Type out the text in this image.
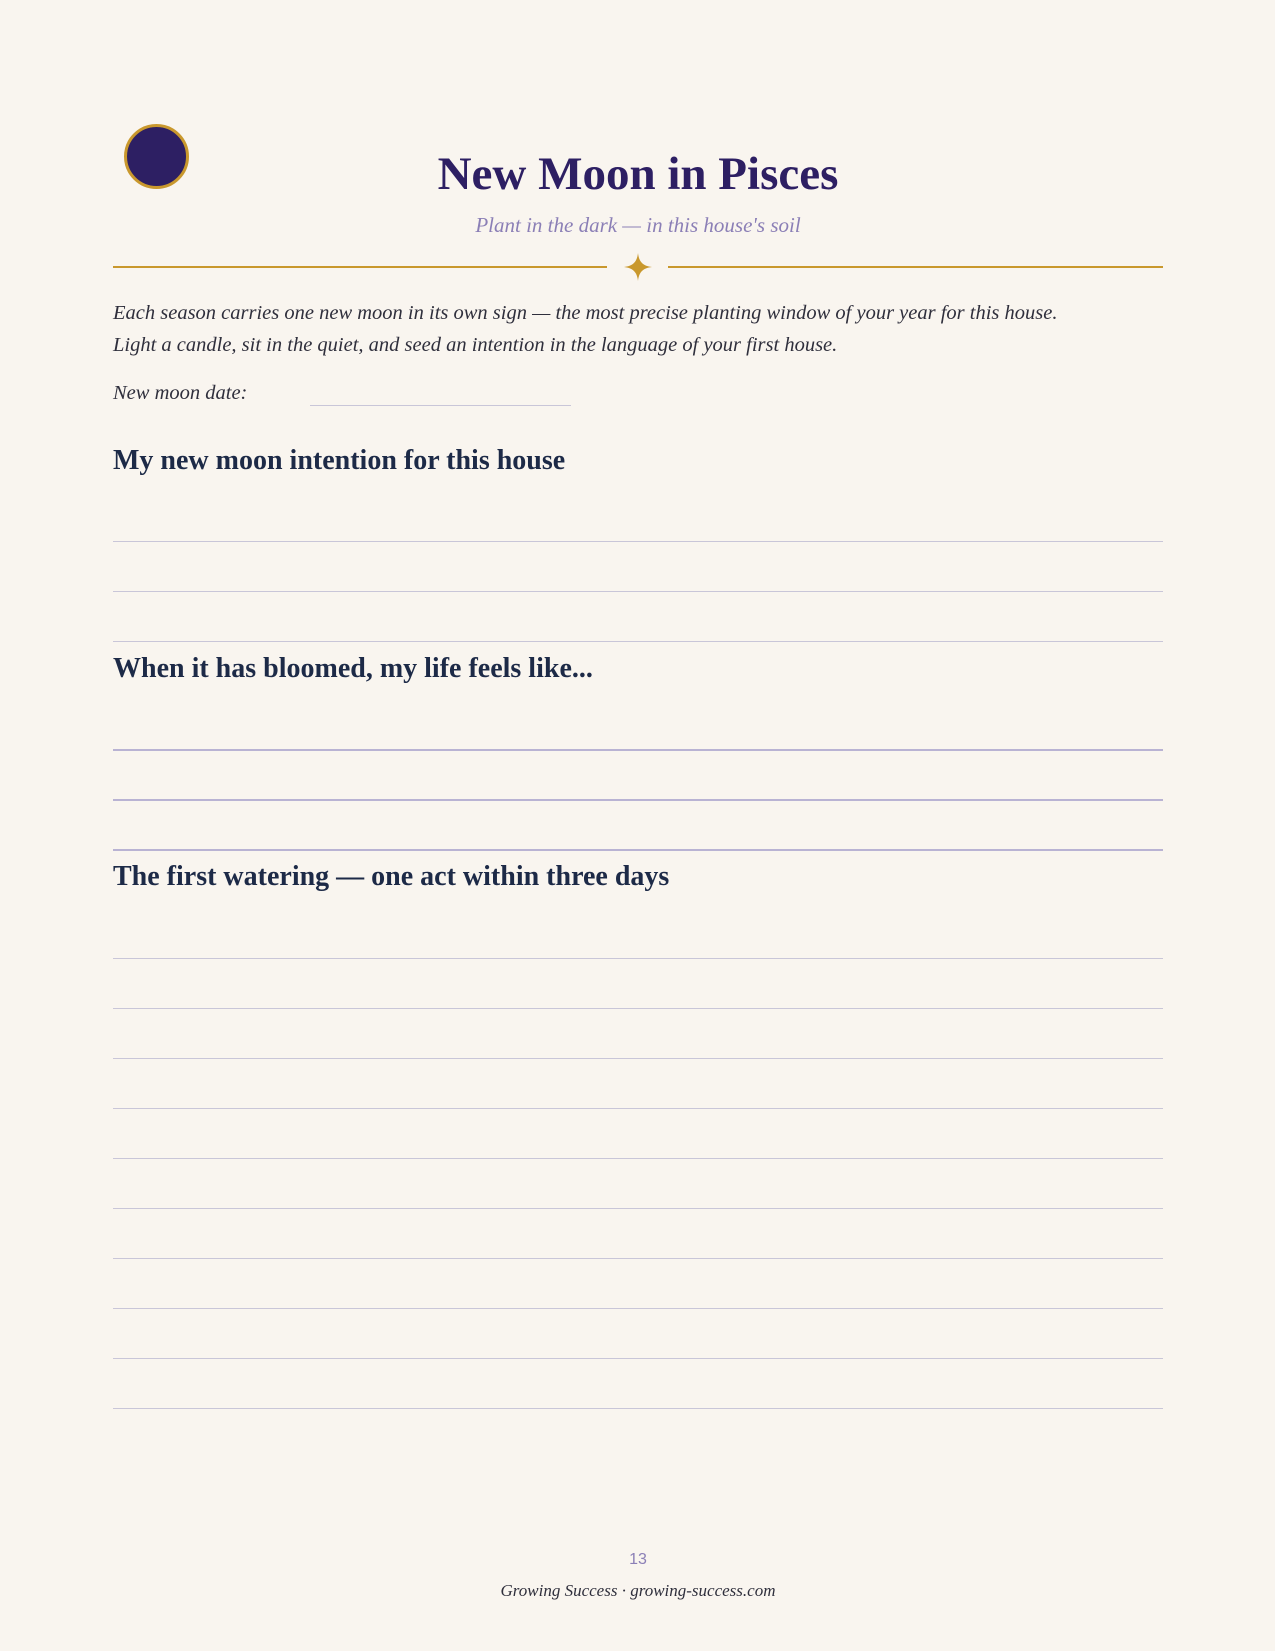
New Moon in Pisces

Plant in the dark — in this house's soil

Each season carries one new moon in its own sign — the most precise planting window of your year for this house.
Light a candle, sit in the quiet, and seed an intention in the language of your first house.

New moon date:
My new moon intention for this house
When it has bloomed, my life feels like...
The first watering — one act within three days
13
Growing Success · growing-success.com
